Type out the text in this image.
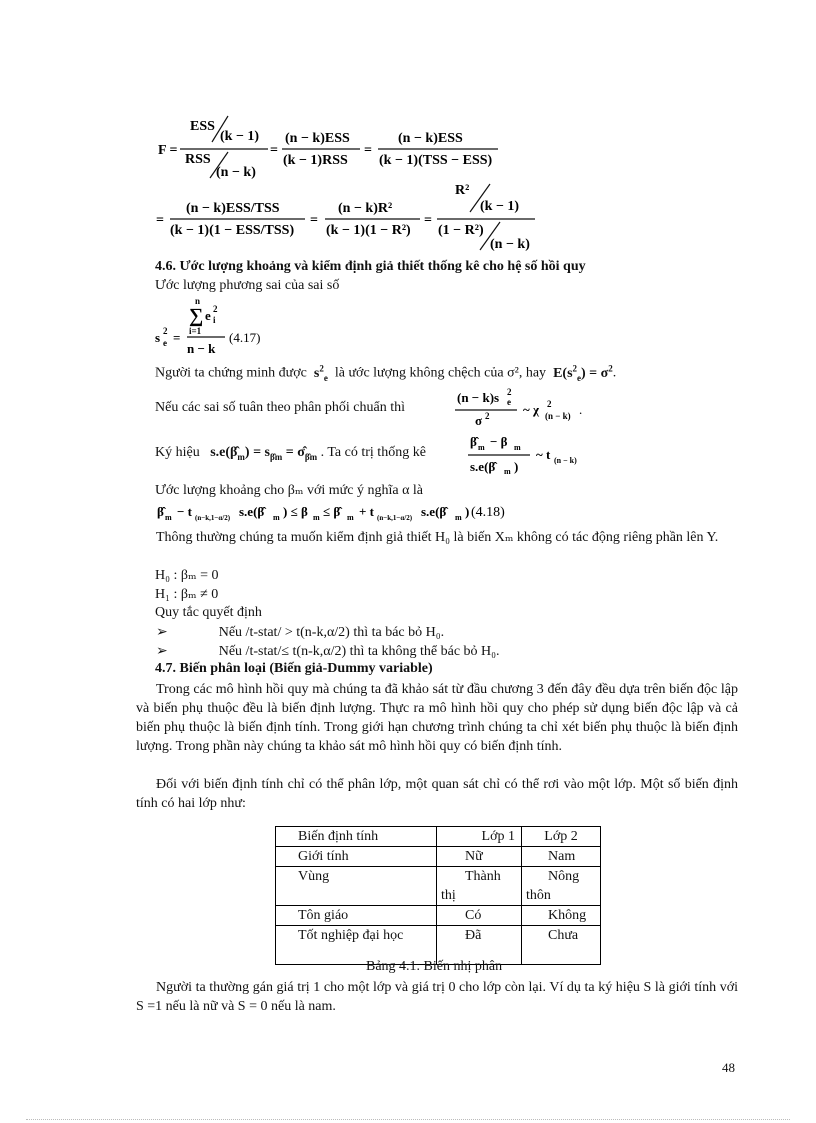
F =
ESS
(k − 1)
RSS
(n − k)
=
(n − k)ESS
(k − 1)RSS
=
(n − k)ESS
(k − 1)(TSS − ESS)
=
(n − k)ESS/TSS
(k − 1)(1 − ESS/TSS)
=
(n − k)R²
(k − 1)(1 − R²)
=
R²
(k − 1)
(1 − R²)
(n − k)
4.6. Ước lượng khoảng và kiểm định giả thiết thống kê cho hệ số hồi quy
Ước lượng phương sai của sai số
s 2
e =
n
∑ e 2
i
i=1
n − k
(4.17)
Người ta chứng minh được  $s^2_e$ là ước lượng không chệch của σ², hay  $E(s^2_e) = \sigma^2$.
Nếu các sai số tuân theo phân phối chuẩn thì
(n − k)s 2
e
σ 2	~ χ 2
(n − k) .
Ký hiệu   $s.e(\betâ_m) = s_{\betâm}$ = $\sigmâ_{\betâm}$ . Ta có trị thống kê
β̂ m − β m
s.e(β̂	m )
~ t (n − k)
Ước lượng khoảng cho βₘ với mức ý nghĩa α là
β̂ m − t (n−k,1−α/2) s.e(β̂	m ) ≤ β m ≤ β̂ m + t (n−k,1−α/2) s.e(β̂	m ) (4.18)
Thông thường chúng ta muốn kiểm định giả thiết H₀ là biến Xₘ không có tác động riêng phần lên Y.
H₀ : βₘ = 0
H₁ : βₘ ≠ 0
Quy tắc quyết định
➢	Nếu /t-stat/ > t(n-k,α/2) thì ta bác bỏ H₀.
➢	Nếu /t-stat/≤ t(n-k,α/2) thì ta không thể bác bỏ H₀.
4.7. Biến phân loại (Biến giả-Dummy variable)
Trong các mô hình hồi quy mà chúng ta đã khảo sát từ đầu chương 3 đến đây đều dựa trên biến độc lập và biến phụ thuộc đều là biến định lượng. Thực ra mô hình hồi quy cho phép sử dụng biến độc lập và cả biến phụ thuộc là biến định tính. Trong giới hạn chương trình chúng ta chỉ xét biến phụ thuộc là biến định lượng. Trong phần này chúng ta khảo sát mô hình hồi quy có biến định tính.
Đối với biến định tính chỉ có thể phân lớp, một quan sát chỉ có thể rơi vào một lớp. Một số biến định tính có hai lớp như:
Biến định tính	Lớp 1	Lớp 2
Giới tính	Nữ	Nam
Vùng	Thành thị	Nông thôn
Tôn giáo	Có	Không
Tốt nghiệp đại học	Đã	Chưa
Bảng 4.1. Biến nhị phân
Người ta thường gán giá trị 1 cho một lớp và giá trị 0 cho lớp còn lại. Ví dụ ta ký hiệu S là giới tính với S =1 nếu là nữ và S = 0 nếu là nam.
48
